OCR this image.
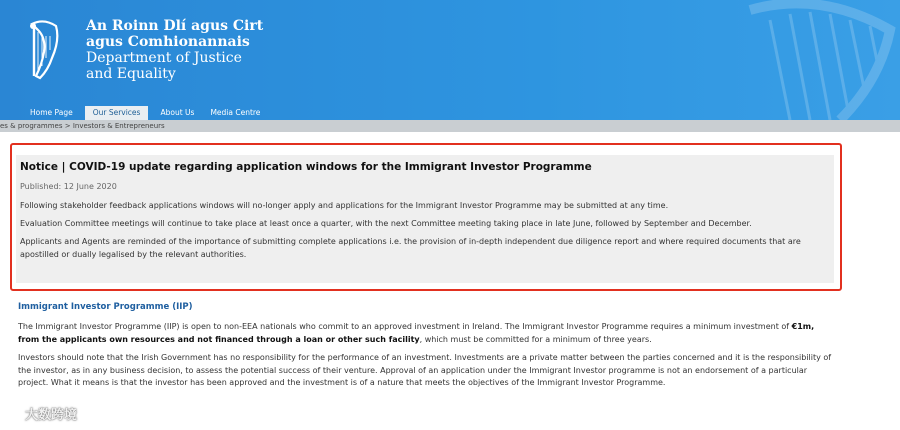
An Roinn Dlí agus Cirt
agus Comhionannais
Department of Justice
and Equality
Home Page	Our Services	About Us	Media Centre
es & programmes > Investors & Entrepreneurs
Notice | COVID-19 update regarding application windows for the Immigrant Investor Programme
Published: 12 June 2020

Following stakeholder feedback applications windows will no-longer apply and applications for the Immigrant Investor Programme may be submitted at any time.

Evaluation Committee meetings will continue to take place at least once a quarter, with the next Committee meeting taking place in late June, followed by September and December.

Applicants and Agents are reminded of the importance of submitting complete applications i.e. the provision of in-depth independent due diligence report and where required documents that are apostilled or dually legalised by the relevant authorities.

Immigrant Investor Programme (IIP)

The Immigrant Investor Programme (IIP) is open to non-EEA nationals who commit to an approved investment in Ireland. The Immigrant Investor Programme requires a minimum investment of €1m, from the applicants own resources and not financed through a loan or other such facility, which must be committed for a minimum of three years.

Investors should note that the Irish Government has no responsibility for the performance of an investment. Investments are a private matter between the parties concerned and it is the responsibility of the investor, as in any business decision, to assess the potential success of their venture. Approval of an application under the Immigrant Investor programme is not an endorsement of a particular project. What it means is that the investor has been approved and the investment is of a nature that meets the objectives of the Immigrant Investor Programme.

大数跨境
